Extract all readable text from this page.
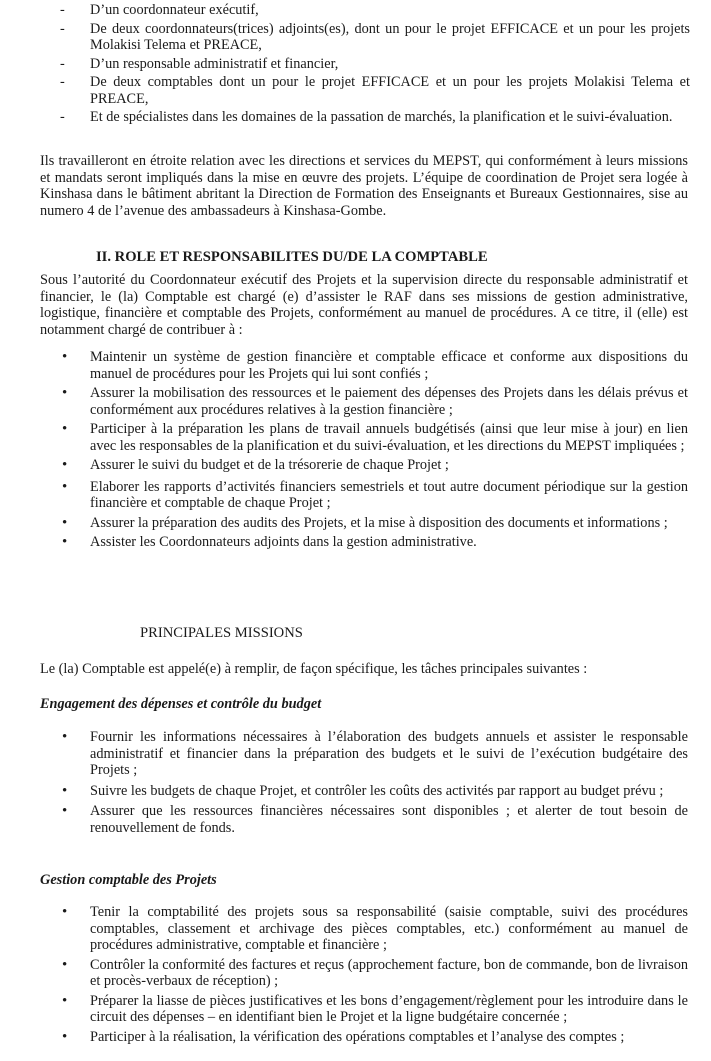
- D’un coordonnateur exécutif,
- De deux coordonnateurs(trices) adjoints(es), dont un pour le projet EFFICACE et un pour les projets Molakisi Telema et PREACE,
- D’un responsable administratif et financier,
- De deux comptables dont un pour le projet EFFICACE et un pour les projets Molakisi Telema et PREACE,
- Et de spécialistes dans les domaines de la passation de marchés, la planification et le suivi-évaluation.

Ils travailleront en étroite relation avec les directions et services du MEPST, qui conformément à leurs missions et mandats seront impliqués dans la mise en œuvre des projets. L’équipe de coordination de Projet sera logée à Kinshasa dans le bâtiment abritant la Direction de Formation des Enseignants et Bureaux Gestionnaires, sise au numero 4 de l’avenue des ambassadeurs à Kinshasa-Gombe.

II. ROLE ET RESPONSABILITES DU/DE LA COMPTABLE

Sous l’autorité du Coordonnateur exécutif des Projets et la supervision directe du responsable administratif et financier, le (la) Comptable est chargé (e) d’assister le RAF dans ses missions de gestion administrative, logistique, financière et comptable des Projets, conformément au manuel de procédures. A ce titre, il (elle) est notamment chargé de contribuer à :

• Maintenir un système de gestion financière et comptable efficace et conforme aux dispositions du manuel de procédures pour les Projets qui lui sont confiés ;
• Assurer la mobilisation des ressources et le paiement des dépenses des Projets dans les délais prévus et conformément aux procédures relatives à la gestion financière ;
• Participer à la préparation les plans de travail annuels budgétisés (ainsi que leur mise à jour) en lien avec les responsables de la planification et du suivi-évaluation, et les directions du MEPST impliquées ;
• Assurer le suivi du budget et de la trésorerie de chaque Projet ;
• Elaborer les rapports d’activités financiers semestriels et tout autre document périodique sur la gestion financière et comptable de chaque Projet ;
• Assurer la préparation des audits des Projets, et la mise à disposition des documents et informations ;
• Assister les Coordonnateurs adjoints dans la gestion administrative.

PRINCIPALES MISSIONS

Le (la) Comptable est appelé(e) à remplir, de façon spécifique, les tâches principales suivantes :

Engagement des dépenses et contrôle du budget

• Fournir les informations nécessaires à l’élaboration des budgets annuels et assister le responsable administratif et financier dans la préparation des budgets et le suivi de l’exécution budgétaire des Projets ;
• Suivre les budgets de chaque Projet, et contrôler les coûts des activités par rapport au budget prévu ;
• Assurer que les ressources financières nécessaires sont disponibles ; et alerter de tout besoin de renouvellement de fonds.

Gestion comptable des Projets

• Tenir la comptabilité des projets sous sa responsabilité (saisie comptable, suivi des procédures comptables, classement et archivage des pièces comptables, etc.) conformément au manuel de procédures administrative, comptable et financière ;
• Contrôler la conformité des factures et reçus (approchement facture, bon de commande, bon de livraison et procès-verbaux de réception) ;
• Préparer la liasse de pièces justificatives et les bons d’engagement/règlement pour les introduire dans le circuit des dépenses – en identifiant bien le Projet et la ligne budgétaire concernée ;
• Participer à la réalisation, la vérification des opérations comptables et l’analyse des comptes ;
